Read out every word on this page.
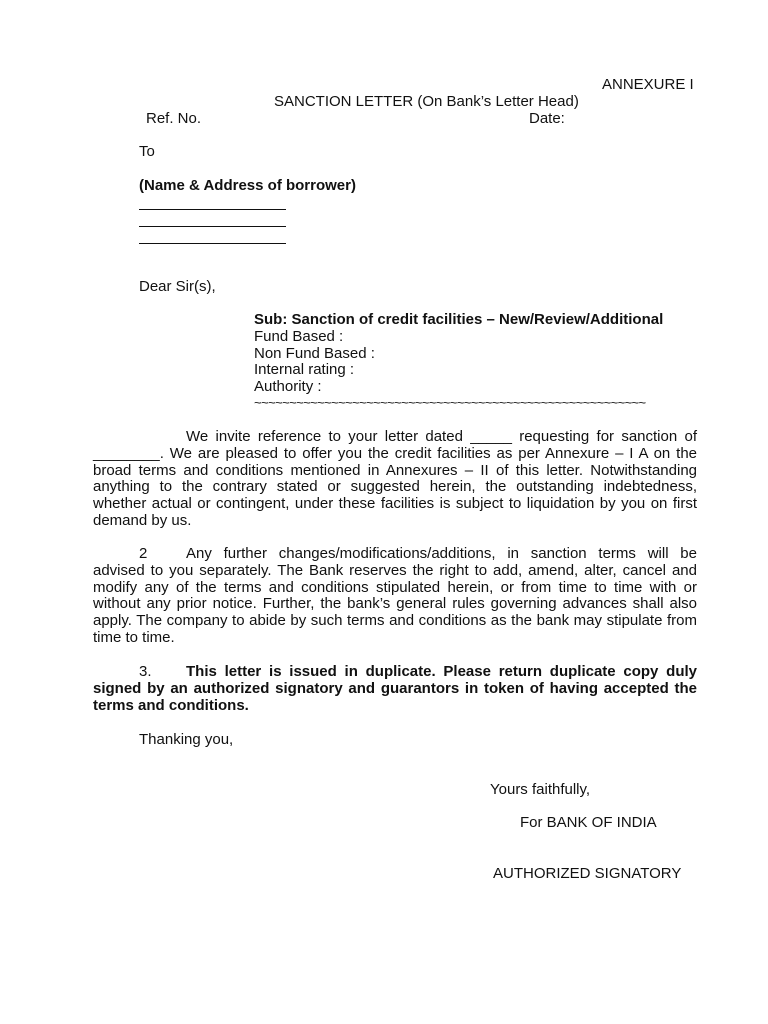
ANNEXURE I
SANCTION LETTER (On Bank’s Letter Head)
Ref. No.	Date:
To
(Name & Address of borrower)
Dear Sir(s),
Sub: Sanction of credit facilities – New/Review/Additional
Fund Based :
Non Fund Based :
Internal rating :
Authority :
~~~~~~~~~~~~~~~~~~~~~~~~~~~~~~~~~~~~~~~~~~~~~~~~~~~~~~~~
We invite reference to your letter dated _____ requesting for sanction of ________. We are pleased to offer you the credit facilities as per Annexure – I A on the broad terms and conditions mentioned in Annexures – II of this letter. Notwithstanding anything to the contrary stated or suggested herein, the outstanding indebtedness, whether actual or contingent, under these facilities is subject to liquidation by you on first demand by us.
2	Any further changes/modifications/additions, in sanction terms will be advised to you separately. The Bank reserves the right to add, amend, alter, cancel and modify any of the terms and conditions stipulated herein, or from time to time with or without any prior notice. Further, the bank’s general rules governing advances shall also apply. The company to abide by such terms and conditions as the bank may stipulate from time to time.
3. This letter is issued in duplicate. Please return duplicate copy duly signed by an authorized signatory and guarantors in token of having accepted the terms and conditions.
Thanking you,
Yours faithfully,
For BANK OF INDIA
AUTHORIZED SIGNATORY
